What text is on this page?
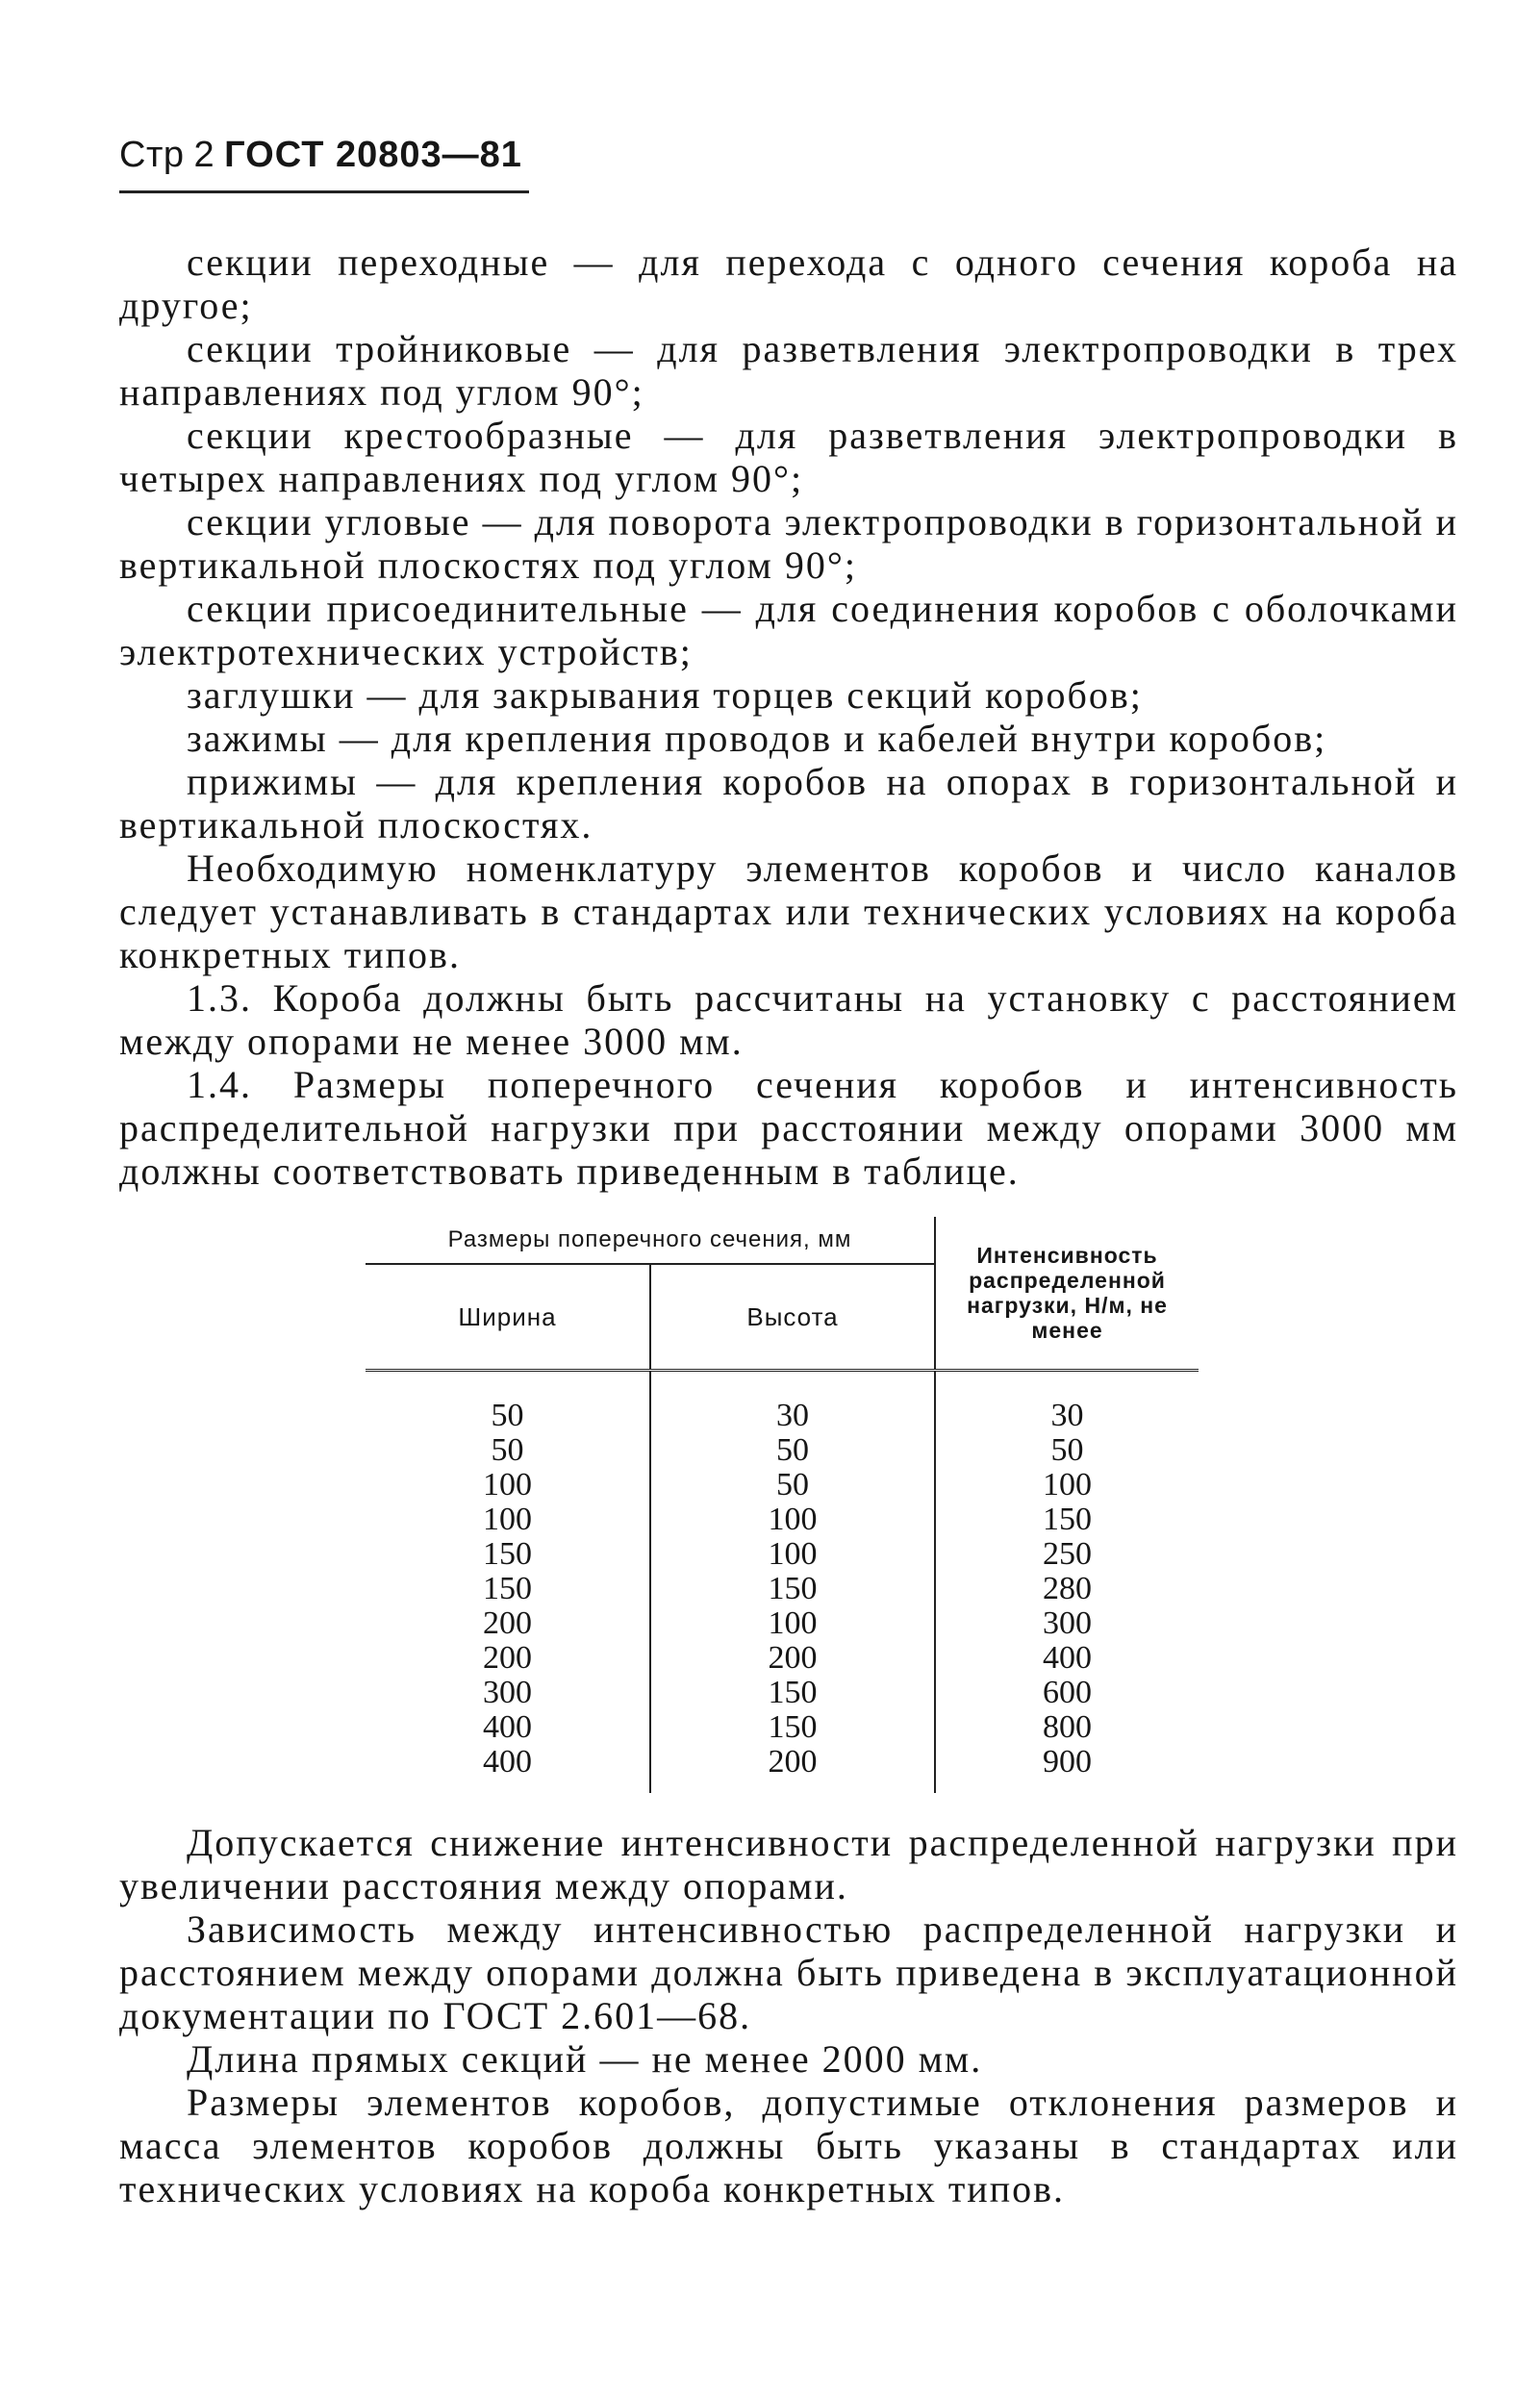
Стр 2 ГОСТ 20803—81

секции переходные — для перехода с одного сечения короба на другое;

секции тройниковые — для разветвления электропроводки в трех направлениях под углом 90°;

секции крестообразные — для разветвления электропроводки в четырех направлениях под углом 90°;

секции угловые — для поворота электропроводки в горизонтальной и вертикальной плоскостях под углом 90°;

секции присоединительные — для соединения коробов с оболочками электротехнических устройств;

заглушки — для закрывания торцев секций коробов;

зажимы — для крепления проводов и кабелей внутри коробов;

прижимы — для крепления коробов на опорах в горизонтальной и вертикальной плоскостях.

Необходимую номенклатуру элементов коробов и число каналов следует устанавливать в стандартах или технических условиях на короба конкретных типов.

1.3. Короба должны быть рассчитаны на установку с расстоянием между опорами не менее 3000 мм.

1.4. Размеры поперечного сечения коробов и интенсивность распределительной нагрузки при расстоянии между опорами 3000 мм должны соответствовать приведенным в таблице.

Размеры поперечного сечения, мм		Интенсивность распределенной нагрузки, Н/м, не менее
Ширина	Высота	
50	30	30
50	50	50
100	50	100
100	100	150
150	100	250
150	150	280
200	100	300
200	200	400
300	150	600
400	150	800
400	200	900

Допускается снижение интенсивности распределенной нагрузки при увеличении расстояния между опорами.

Зависимость между интенсивностью распределенной нагрузки и расстоянием между опорами должна быть приведена в эксплуатационной документации по ГОСТ 2.601—68.

Длина прямых секций — не менее 2000 мм.

Размеры элементов коробов, допустимые отклонения размеров и масса элементов коробов должны быть указаны в стандартах или технических условиях на короба конкретных типов.
